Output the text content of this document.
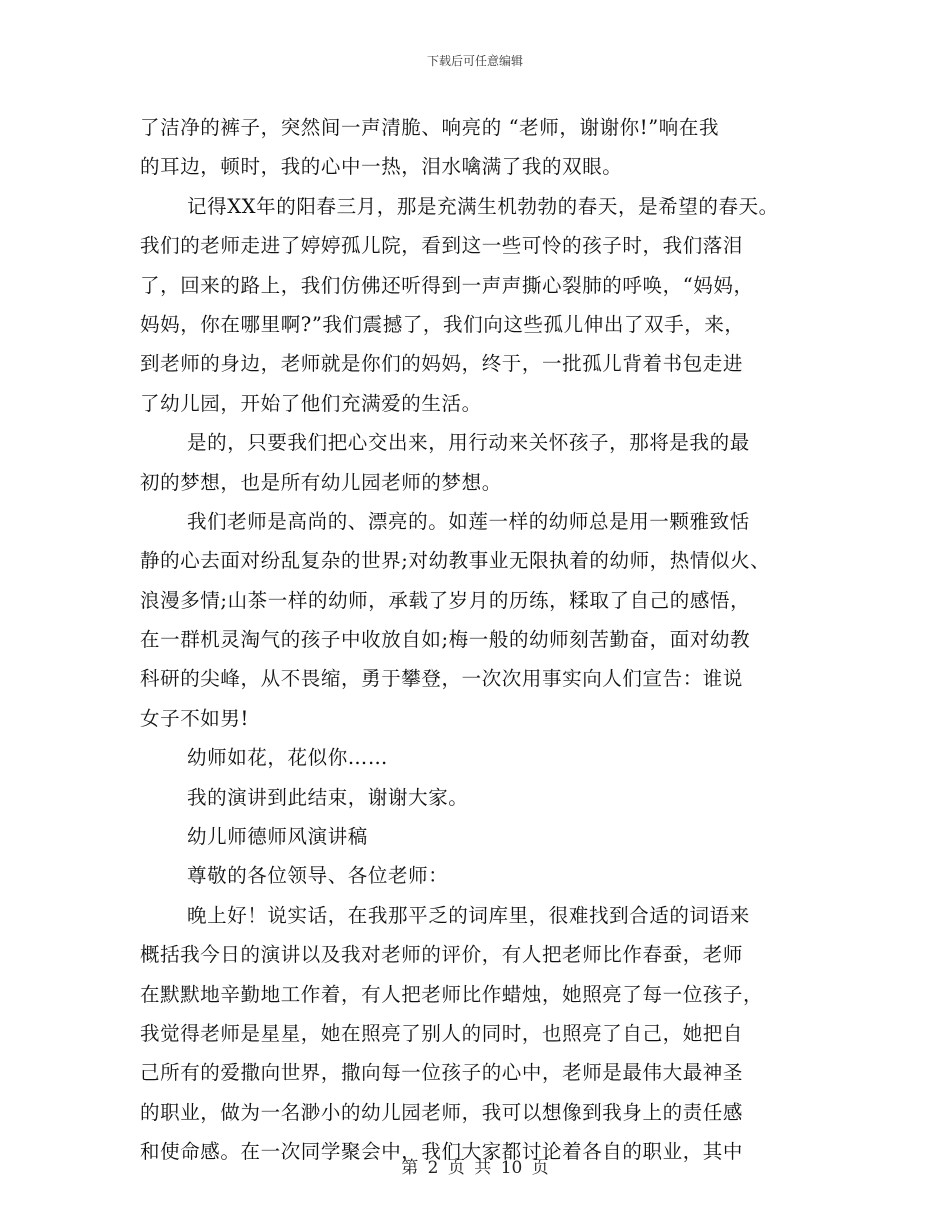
下载后可任意编辑
了洁净的裤子，突然间一声清脆、响亮的 “老师，谢谢你!”响在我
的耳边，顿时，我的心中一热，泪水噙满了我的双眼。
记得XX年的阳春三月，那是充满生机勃勃的春天，是希望的春天。
我们的老师走进了婷婷孤儿院，看到这一些可怜的孩子时，我们落泪
了，回来的路上，我们仿佛还听得到一声声撕心裂肺的呼唤，“妈妈，
妈妈，你在哪里啊?”我们震撼了，我们向这些孤儿伸出了双手，来，
到老师的身边，老师就是你们的妈妈，终于，一批孤儿背着书包走进
了幼儿园，开始了他们充满爱的生活。
是的，只要我们把心交出来，用行动来关怀孩子，那将是我的最
初的梦想，也是所有幼儿园老师的梦想。
我们老师是高尚的、漂亮的。如莲一样的幼师总是用一颗雅致恬
静的心去面对纷乱复杂的世界;对幼教事业无限执着的幼师，热情似火、
浪漫多情;山茶一样的幼师，承载了岁月的历练，糅取了自己的感悟，
在一群机灵淘气的孩子中收放自如;梅一般的幼师刻苦勤奋，面对幼教
科研的尖峰，从不畏缩，勇于攀登，一次次用事实向人们宣告：谁说
女子不如男!
幼师如花，花似你……
我的演讲到此结束，谢谢大家。
幼儿师德师风演讲稿
尊敬的各位领导、各位老师：
晚上好！说实话，在我那平乏的词库里，很难找到合适的词语来
概括我今日的演讲以及我对老师的评价，有人把老师比作春蚕，老师
在默默地辛勤地工作着，有人把老师比作蜡烛，她照亮了每一位孩子，
我觉得老师是星星，她在照亮了别人的同时，也照亮了自己，她把自
己所有的爱撒向世界，撒向每一位孩子的心中，老师是最伟大最神圣
的职业，做为一名渺小的幼儿园老师，我可以想像到我身上的责任感
和使命感。在一次同学聚会中，我们大家都讨论着各自的职业，其中
第 2 页 共 10 页
